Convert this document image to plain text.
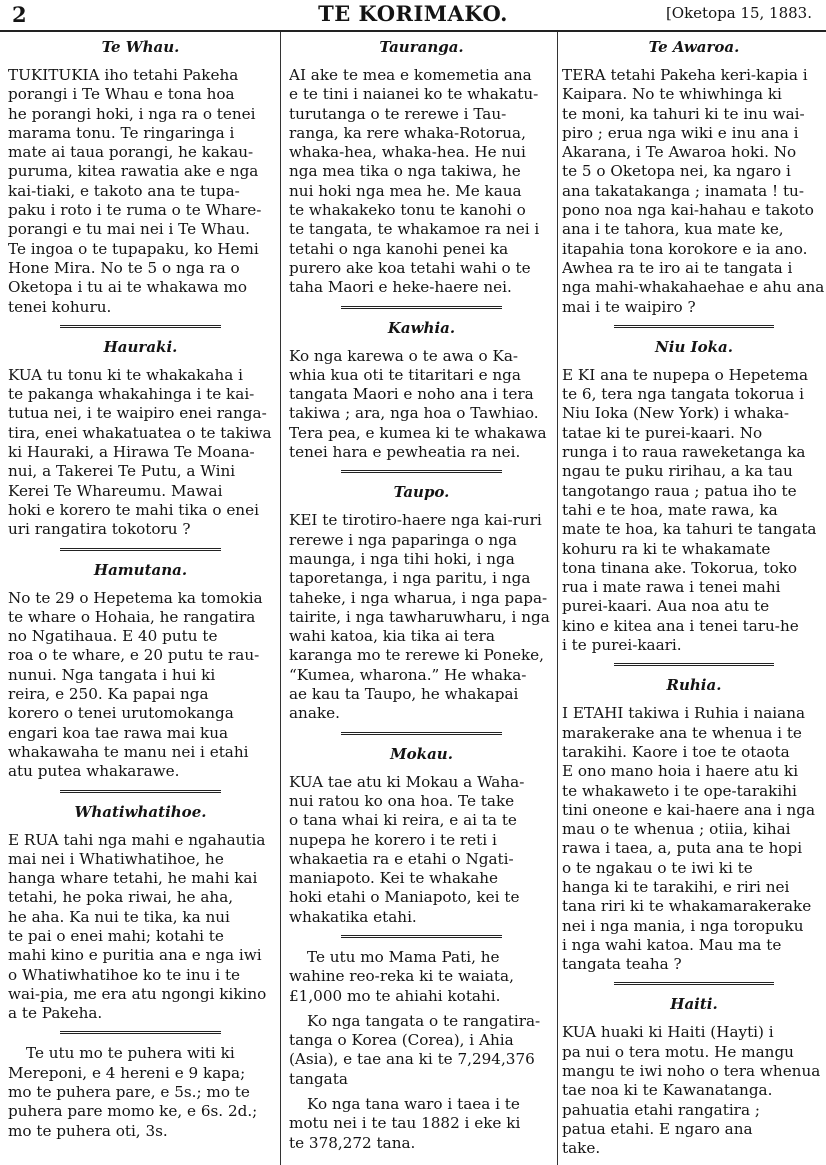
2	TE KORIMAKO.	[Oketopa 15, 1883.
Te Whau.

TUKITUKIA iho tetahi Pakeha
porangi i Te Whau e tona hoa
he porangi hoki, i nga ra o tenei
marama tonu. Te ringaringa i
mate ai taua porangi, he kakau-
puruma, kitea rawatia ake e nga
kai-tiaki, e takoto ana te tupa-
paku i roto i te ruma o te Whare-
porangi e tu mai nei i Te Whau.
Te ingoa o te tupapaku, ko Hemi
Hone Mira. No te 5 o nga ra o
Oketopa i tu ai te whakawa mo
tenei kohuru.

Hauraki.

KUA tu tonu ki te whakakaha i
te pakanga whakahinga i te kai-
tutua nei, i te waipiro enei ranga-
tira, enei whakatuatea o te takiwa
ki Hauraki, a Hirawa Te Moana-
nui, a Takerei Te Putu, a Wini
Kerei Te Whareumu. Mawai
hoki e korero te mahi tika o enei
uri rangatira tokotoru ?

Hamutana.

No te 29 o Hepetema ka tomokia
te whare o Hohaia, he rangatira
no Ngatihaua. E 40 putu te
roa o te whare, e 20 putu te rau-
nunui. Nga tangata i hui ki
reira, e 250. Ka papai nga
korero o tenei urutomokanga
engari koa tae rawa mai kua
whakawaha te manu nei i etahi
atu putea whakarawe.

Whatiwhatihoe.

E RUA tahi nga mahi e ngahautia
mai nei i Whatiwhatihoe, he
hanga whare tetahi, he mahi kai
tetahi, he poka riwai, he aha,
he aha. Ka nui te tika, ka nui
te pai o enei mahi; kotahi te
mahi kino e puritia ana e nga iwi
o Whatiwhatihoe ko te inu i te
wai-pia, me era atu ngongi kikino
a te Pakeha.

Te utu mo te puhera witi ki
Mereponi, e 4 hereni e 9 kapa;
mo te puhera pare, e 5s.; mo te
puhera pare momo ke, e 6s. 2d.;
mo te puhera oti, 3s.

Tauranga.

AI ake te mea e komemetia ana
e te tini i naianei ko te whakatu-
turutanga o te rerewe i Tau-
ranga, ka rere whaka-Rotorua,
whaka-hea, whaka-hea. He nui
nga mea tika o nga takiwa, he
nui hoki nga mea he. Me kaua
te whakakeko tonu te kanohi o
te tangata, te whakamoe ra nei i
tetahi o nga kanohi penei ka
purero ake koa tetahi wahi o te
taha Maori e heke-haere nei.

Kawhia.

Ko nga karewa o te awa o Ka-
whia kua oti te titaritari e nga
tangata Maori e noho ana i tera
takiwa ; ara, nga hoa o Tawhiao.
Tera pea, e kumea ki te whakawa
tenei hara e pewheatia ra nei.

Taupo.

KEI te tirotiro-haere nga kai-ruri
rerewe i nga paparinga o nga
maunga, i nga tihi hoki, i nga
taporetanga, i nga paritu, i nga
taheke, i nga wharua, i nga papa-
tairite, i nga tawharuwharu, i nga
wahi katoa, kia tika ai tera
karanga mo te rerewe ki Poneke,
“Kumea, wharona.” He whaka-
ae kau ta Taupo, he whakapai
anake.

Mokau.

KUA tae atu ki Mokau a Waha-
nui ratou ko ona hoa. Te take
o tana whai ki reira, e ai ta te
nupepa he korero i te reti i
whakaetia ra e etahi o Ngati-
maniapoto. Kei te whakahe
hoki etahi o Maniapoto, kei te
whakatika etahi.

Te utu mo Mama Pati, he
wahine reo-reka ki te waiata,
£1,000 mo te ahiahi kotahi.

Ko nga tangata o te rangatira-
tanga o Korea (Corea), i Ahia
(Asia), e tae ana ki te 7,294,376
tangata

Ko nga tana waro i taea i te
motu nei i te tau 1882 i eke ki
te 378,272 tana.

Te Awaroa.

TERA tetahi Pakeha keri-kapia i
Kaipara. No te whiwhinga ki
te moni, ka tahuri ki te inu wai-
piro ; erua nga wiki e inu ana i
Akarana, i Te Awaroa hoki. No
te 5 o Oketopa nei, ka ngaro i
ana takatakanga ; inamata ! tu-
pono noa nga kai-hahau e takoto
ana i te tahora, kua mate ke,
itapahia tona korokore e ia ano.
Awhea ra te iro ai te tangata i
nga mahi-whakahaehae e ahu ana
mai i te waipiro ?

Niu Ioka.

E KI ana te nupepa o Hepetema
te 6, tera nga tangata tokorua i
Niu Ioka (New York) i whaka-
tatae ki te purei-kaari. No
runga i to raua raweketanga ka
ngau te puku ririhau, a ka tau
tangotango raua ; patua iho te
tahi e te hoa, mate rawa, ka
mate te hoa, ka tahuri te tangata
kohuru ra ki te whakamate
tona tinana ake. Tokorua, toko
rua i mate rawa i tenei mahi
purei-kaari. Aua noa atu te
kino e kitea ana i tenei taru-he
i te purei-kaari.

Ruhia.

I ETAHI takiwa i Ruhia i naiana
marakerake ana te whenua i te
tarakihi. Kaore i toe te otaota
E ono mano hoia i haere atu ki
te whakaweto i te ope-tarakihi
tini oneone e kai-haere ana i nga
mau o te whenua ; otiia, kihai
rawa i taea, a, puta ana te hopi
o te ngakau o te iwi ki te
hanga ki te tarakihi, e riri nei
tana riri ki te whakamarakerake
nei i nga mania, i nga toropuku
i nga wahi katoa. Mau ma te
tangata teaha ?

Haiti.

KUA huaki ki Haiti (Hayti) i
pa nui o tera motu. He mangu
mangu te iwi noho o tera whenua
tae noa ki te Kawanatanga.
pahuatia etahi rangatira ;
patua etahi. E ngaro ana
take.
